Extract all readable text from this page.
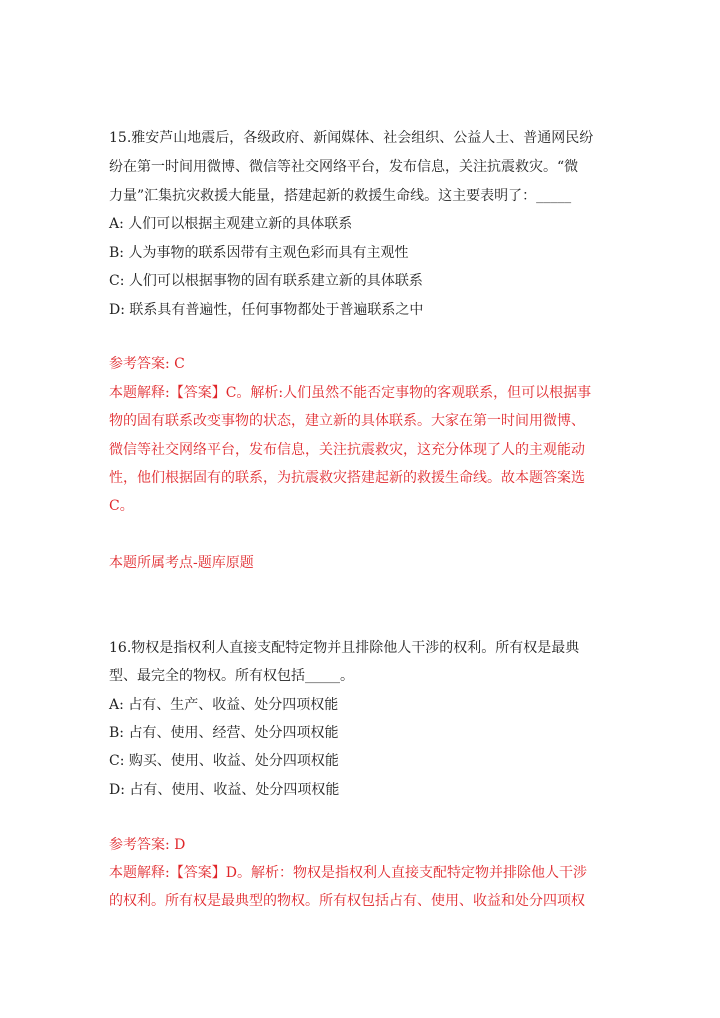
15.雅安芦山地震后，各级政府、新闻媒体、社会组织、公益人士、普通网民纷
纷在第一时间用微博、微信等社交网络平台，发布信息，关注抗震救灾。“微
力量”汇集抗灾救援大能量，搭建起新的救援生命线。这主要表明了：_____
A: 人们可以根据主观建立新的具体联系
B: 人为事物的联系因带有主观色彩而具有主观性
C: 人们可以根据事物的固有联系建立新的具体联系
D: 联系具有普遍性，任何事物都处于普遍联系之中
参考答案: C
本题解释:【答案】C。解析:人们虽然不能否定事物的客观联系，但可以根据事
物的固有联系改变事物的状态，建立新的具体联系。大家在第一时间用微博、
微信等社交网络平台，发布信息，关注抗震救灾，这充分体现了人的主观能动
性，他们根据固有的联系，为抗震救灾搭建起新的救援生命线。故本题答案选
C。
本题所属考点-题库原题
16.物权是指权利人直接支配特定物并且排除他人干涉的权利。所有权是最典
型、最完全的物权。所有权包括_____。
A: 占有、生产、收益、处分四项权能
B: 占有、使用、经营、处分四项权能
C: 购买、使用、收益、处分四项权能
D: 占有、使用、收益、处分四项权能
参考答案: D
本题解释:【答案】D。解析：物权是指权利人直接支配特定物并排除他人干涉
的权利。所有权是最典型的物权。所有权包括占有、使用、收益和处分四项权
